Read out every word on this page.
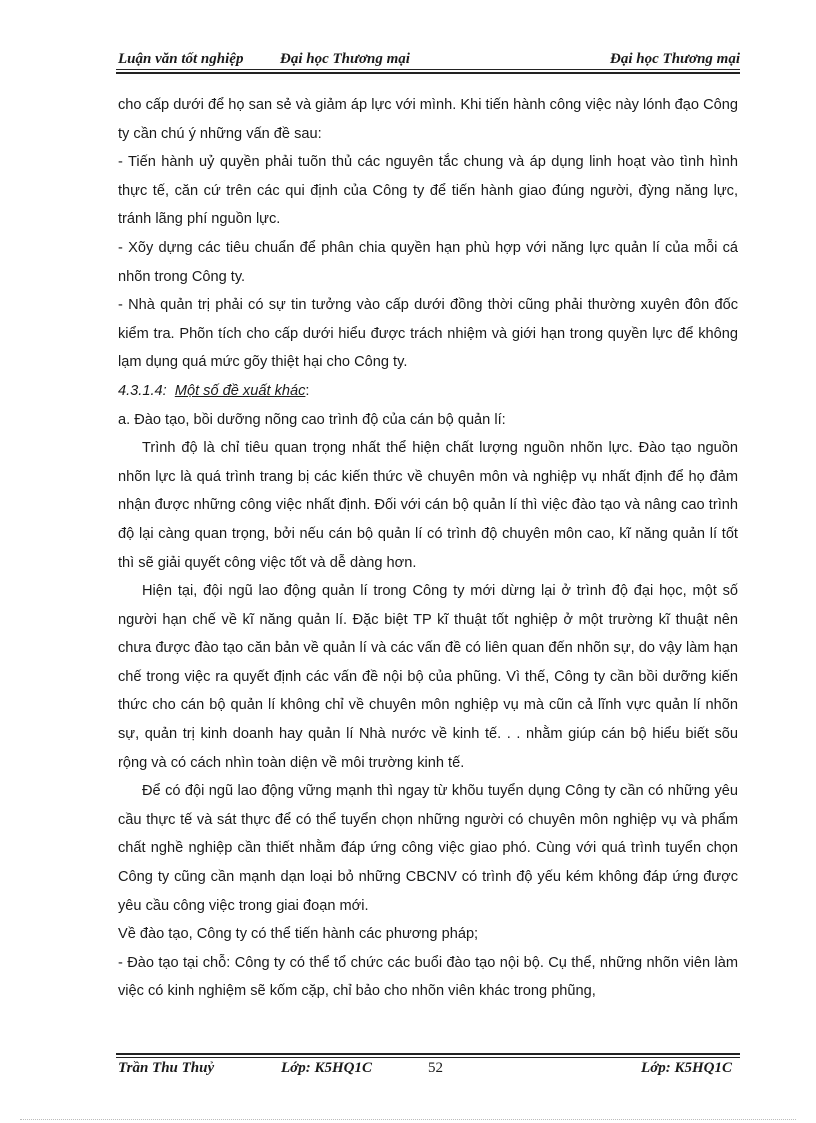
Luận văn tốt nghiệp Đại học Thương mại	Đại học Thương mại

cho cấp dưới để họ san sẻ và giảm áp lực với mình. Khi tiến hành công việc này lónh đạo Công ty cần chú ý những vấn đề sau:

- Tiến hành uỷ quyền phải tuõn thủ các nguyên tắc chung và áp dụng linh hoạt vào tình hình thực tế, căn cứ trên các qui định của Công ty để tiến hành giao đúng người, đỳng năng lực, tránh lãng phí nguồn lực.

- Xõy dựng các tiêu chuẩn để phân chia quyền hạn phù hợp với năng lực quản lí của mỗi cá nhõn trong Công ty.

- Nhà quản trị phải có sự tin tưởng vào cấp dưới đồng thời cũng phải thường xuyên đôn đốc kiểm tra. Phõn tích cho cấp dưới hiểu được trách nhiệm và giới hạn trong quyền lực để không lạm dụng quá mức gõy thiệt hại cho Công ty.

4.3.1.4: Một số đề xuất khác:

a. Đào tạo, bồi dưỡng nõng cao trình độ của cán bộ quản lí:

Trình độ là chỉ tiêu quan trọng nhất thể hiện chất lượng nguồn nhõn lực. Đào tạo nguồn nhõn lực là quá trình trang bị các kiến thức về chuyên môn và nghiệp vụ nhất định để họ đảm nhận được những công việc nhất định. Đối với cán bộ quản lí thì việc đào tạo và nâng cao trình độ lại càng quan trọng, bởi nếu cán bộ quản lí có trình độ chuyên môn cao, kĩ năng quản lí tốt thì sẽ giải quyết công việc tốt và dễ dàng hơn.

Hiện tại, đội ngũ lao động quản lí trong Công ty mới dừng lại ở trình độ đại học, một số người hạn chế về kĩ năng quản lí. Đặc biệt TP kĩ thuật tốt nghiệp ở một trường kĩ thuật nên chưa được đào tạo căn bản về quản lí và các vấn đề có liên quan đến nhõn sự, do vậy làm hạn chế trong việc ra quyết định các vấn đề nội bộ của phũng. Vì thế, Công ty cần bồi dưỡng kiến thức cho cán bộ quản lí không chỉ về chuyên môn nghiệp vụ mà cũn cả lĩnh vực quản lí nhõn sự, quản trị kinh doanh hay quản lí Nhà nước về kinh tế. . . nhằm giúp cán bộ hiểu biết sõu rộng và có cách nhìn toàn diện về môi trường kinh tế.

Để có đội ngũ lao động vững mạnh thì ngay từ khõu tuyển dụng Công ty cần có những yêu cầu thực tế và sát thực để có thể tuyển chọn những người có chuyên môn nghiệp vụ và phẩm chất nghề nghiệp cần thiết nhằm đáp ứng công việc giao phó. Cùng với quá trình tuyển chọn Công ty cũng cần mạnh dạn loại bỏ những CBCNV có trình độ yếu kém không đáp ứng được yêu cầu công việc trong giai đoạn mới.

Về đào tạo, Công ty có thể tiến hành các phương pháp;

- Đào tạo tại chỗ: Công ty có thể tổ chức các buổi đào tạo nội bộ. Cụ thể, những nhõn viên làm việc có kinh nghiệm sẽ kốm cặp, chỉ bảo cho nhõn viên khác trong phũng,

Trần Thu Thuỷ	Lớp: K5HQ1C	52	Lớp: K5HQ1C
